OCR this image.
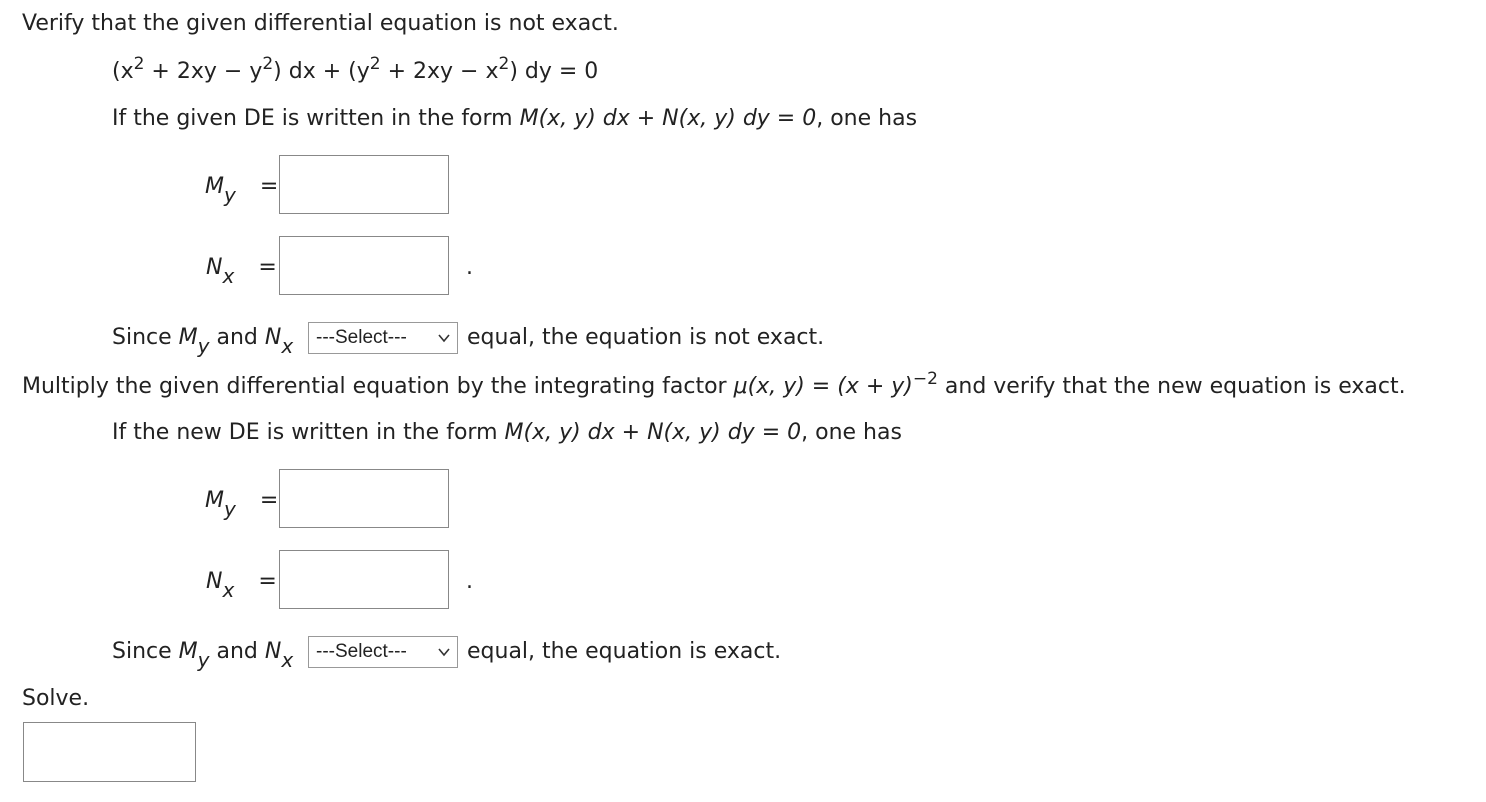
Verify that the given differential equation is not exact.
$(x^2 + 2xy - y^2)$ dx + $(y^2 + 2xy - x^2)$ dy = 0
If the given DE is written in the form M(x, y) dx + N(x, y) dy = 0, one has
My =
Nx =	.
Since My and Nx ---Select---	equal, the equation is not exact.
Multiply the given differential equation by the integrating factor μ(x, $y) = (x + y)^{-2}$ and verify that the new equation is exact.
If the new DE is written in the form M(x, y) dx + N(x, y) dy = 0, one has
My =
Nx =	.
Since My and Nx ---Select---	equal, the equation is exact.
Solve.
